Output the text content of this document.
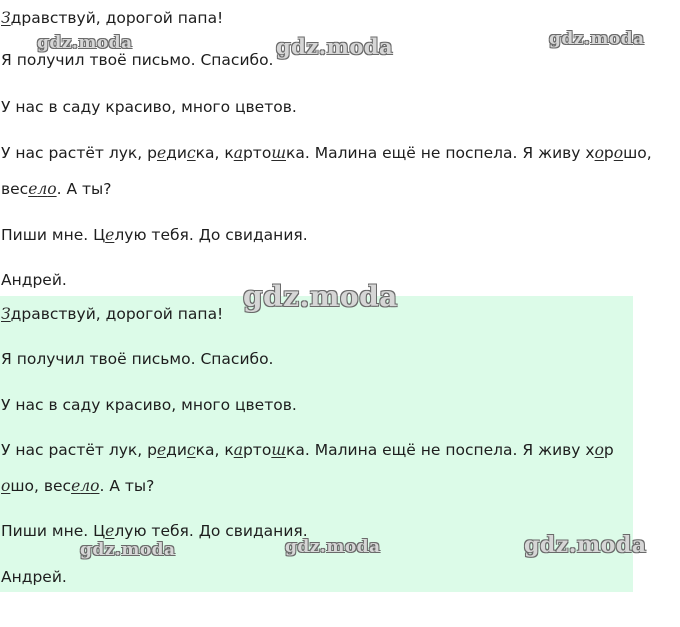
Здравствуй, дорогой папа!
Я получил твоё письмо. Спасибо.
У нас в саду красиво, много цветов.
У нас растёт лук, редиска, картошка. Малина ещё не поспела. Я живу хорошо,
весело. А ты?
Пиши мне. Целую тебя. До свидания.
Андрей.
Здравствуй, дорогой папа!
Я получил твоё письмо. Спасибо.
У нас в саду красиво, много цветов.
У нас растёт лук, редиска, картошка. Малина ещё не поспела. Я живу хор
ошо, весело. А ты?
Пиши мне. Целую тебя. До свидания.
Андрей.
gdz.moda	gdz.moda	gdz.moda
gdz.moda
gdz.moda	gdz.moda	gdz.moda
